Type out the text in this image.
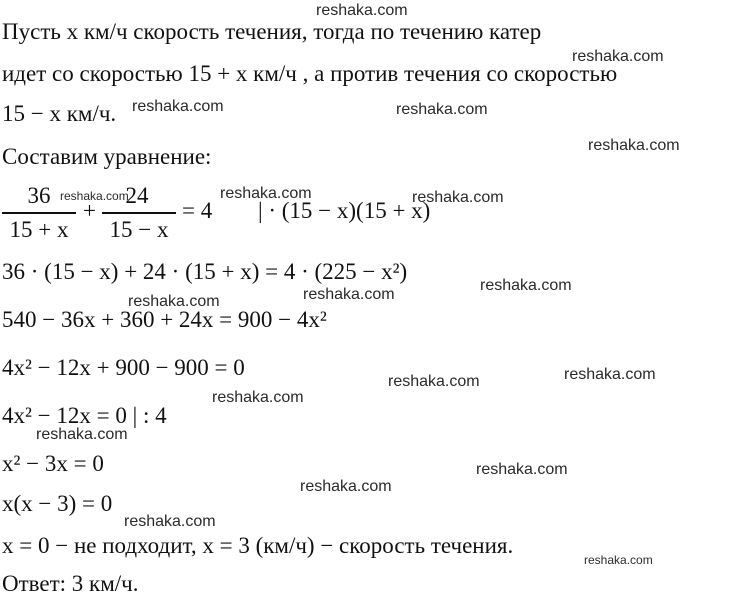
reshaka.com
reshaka.com
reshaka.com	reshaka.com
reshaka.com
reshaka.com	reshaka.com	reshaka.com
reshaka.com
reshaka.com
reshaka.com
reshaka.com
reshaka.com
reshaka.com
reshaka.com
reshaka.com
reshaka.com
reshaka.com
reshaka.com
Пусть x км/ч скорость течения, тогда по течению катер
идет со скоростью 15 + x км/ч , а против течения со скоростью
15 − x км/ч.
Составим уравнение:
36
15 + x
+
24
15 − x
= 4 | · (15 − x)(15 + x)
36 · (15 − x) + 24 · (15 + x) = 4 · (225 − x²)
540 − 36x + 360 + 24x = 900 − 4x²
4x² − 12x + 900 − 900 = 0
4x² − 12x = 0 | : 4
x² − 3x = 0
x(x − 3) = 0
x = 0 − не подходит, x = 3 (км/ч) − скорость течения.
Ответ: 3 км/ч.
